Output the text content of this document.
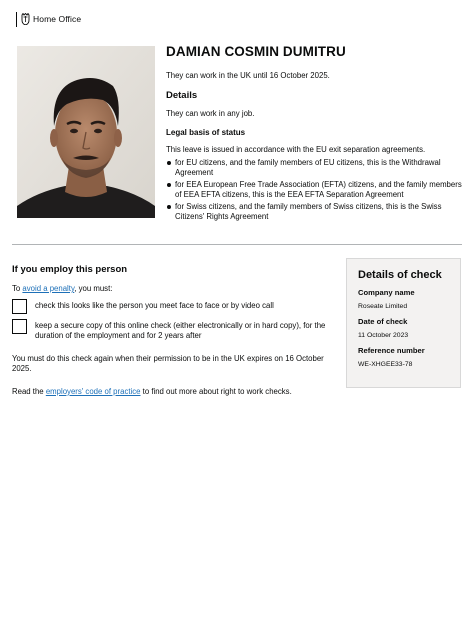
Home Office
DAMIAN COSMIN DUMITRU

They can work in the UK until 16 October 2025.

Details

They can work in any job.

Legal basis of status

This leave is issued in accordance with the EU exit separation agreements.

for EU citizens, and the family members of EU citizens, this is the Withdrawal Agreement
for EEA European Free Trade Association (EFTA) citizens, and the family members of EEA EFTA citizens, this is the EEA EFTA Separation Agreement
for Swiss citizens, and the family members of Swiss citizens, this is the Swiss Citizens' Rights Agreement
If you employ this person

To avoid a penalty, you must:

check this looks like the person you meet face to face or by video call
keep a secure copy of this online check (either electronically or in hard copy), for the duration of the employment and for 2 years after

You must do this check again when their permission to be in the UK expires on 16 October 2025.

Read the employers' code of practice to find out more about right to work checks.

Details of check
Company name
Roseate Limited
Date of check
11 October 2023
Reference number
WE-XHGEE33-78
